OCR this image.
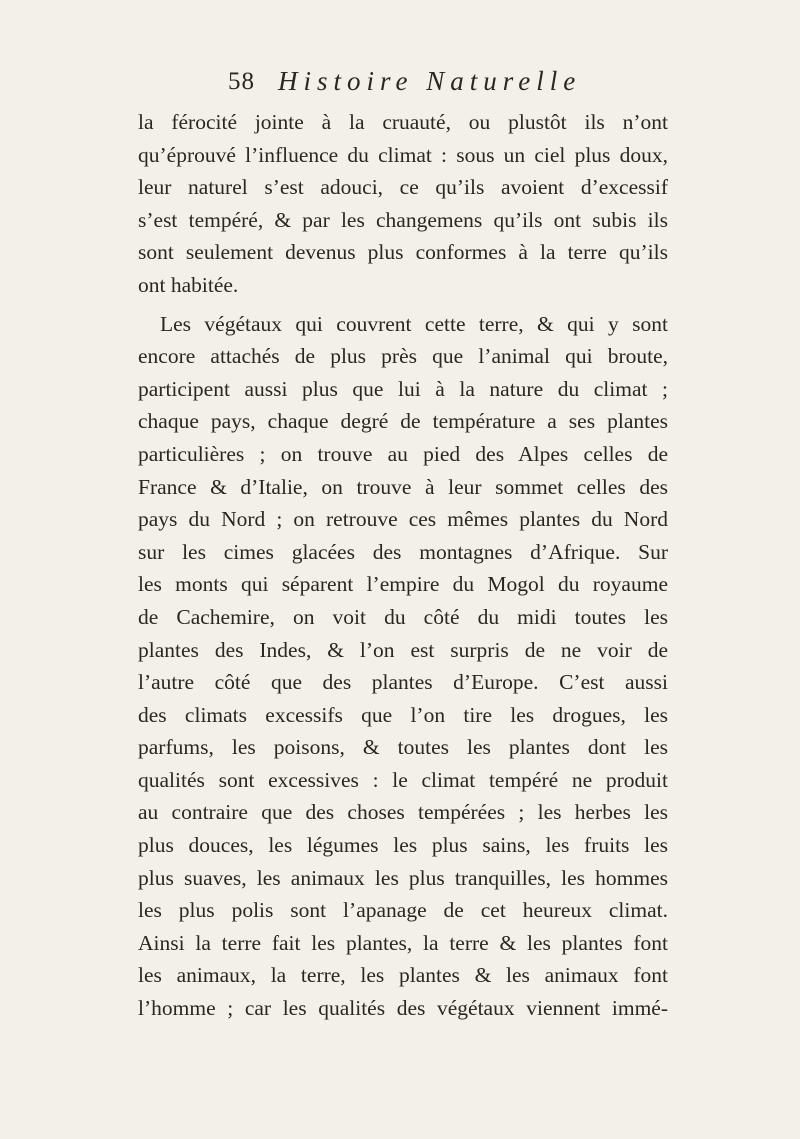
58 Histoire Naturelle
la férocité jointe à la cruauté, ou plustôt ils n’ont
qu’éprouvé l’influence du climat : sous un ciel plus doux,
leur naturel s’est adouci, ce qu’ils avoient d’excessif
s’est tempéré, & par les changemens qu’ils ont subis ils
sont seulement devenus plus conformes à la terre qu’ils
ont habitée.
Les végétaux qui couvrent cette terre, & qui y sont
encore attachés de plus près que l’animal qui broute,
participent aussi plus que lui à la nature du climat ;
chaque pays, chaque degré de température a ses plantes
particulières ; on trouve au pied des Alpes celles de
France & d’Italie, on trouve à leur sommet celles des
pays du Nord ; on retrouve ces mêmes plantes du Nord
sur les cimes glacées des montagnes d’Afrique. Sur
les monts qui séparent l’empire du Mogol du royaume
de Cachemire, on voit du côté du midi toutes les
plantes des Indes, & l’on est surpris de ne voir de
l’autre côté que des plantes d’Europe. C’est aussi
des climats excessifs que l’on tire les drogues, les
parfums, les poisons, & toutes les plantes dont les
qualités sont excessives : le climat tempéré ne produit
au contraire que des choses tempérées ; les herbes les
plus douces, les légumes les plus sains, les fruits les
plus suaves, les animaux les plus tranquilles, les hommes
les plus polis sont l’apanage de cet heureux climat.
Ainsi la terre fait les plantes, la terre & les plantes font
les animaux, la terre, les plantes & les animaux font
l’homme ; car les qualités des végétaux viennent immé-
